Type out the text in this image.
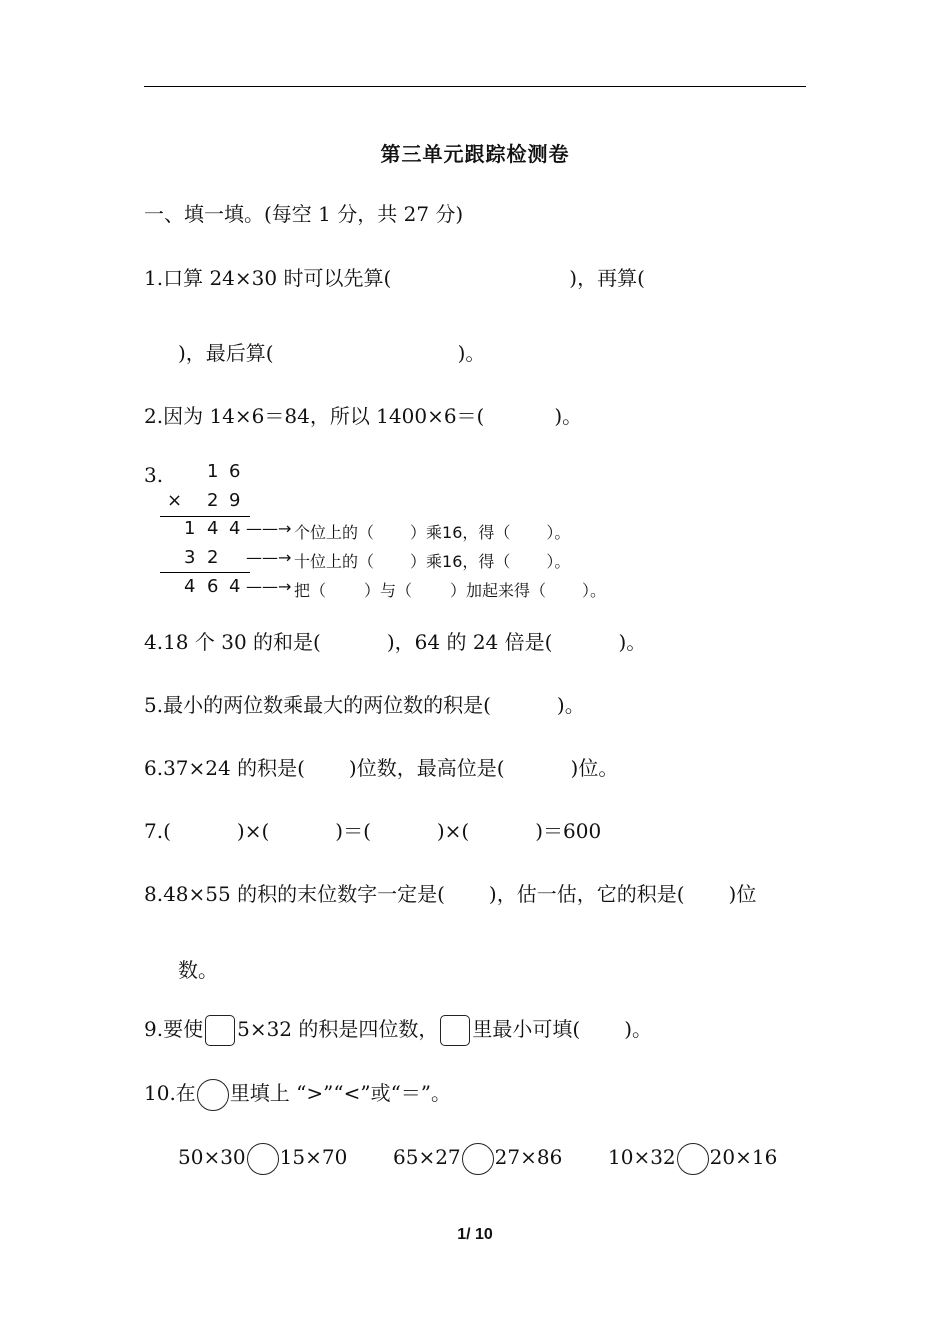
第三单元跟踪检测卷
一、填一填。(每空 1 分，共 27 分)
1.口算 24×30 时可以先算(	)，再算(
)，最后算(	)。
2.因为 14×6＝84，所以 1400×6＝(	)。
3. 1 6
× 2 9
1 4 4 ——→ 个位上的（ ）乘16，得（ ）。
3 2 ——→ 十位上的（ ）乘16，得（ ）。
4 6 4 ——→ 把（ ）与（ ）加起来得（ ）。
4.18 个 30 的和是(	)，64 的 24 倍是(	)。
5.最小的两位数乘最大的两位数的积是(	)。
6.37×24 的积是( )位数，最高位是(	)位。
7.(	)×(	)＝(	)×(	)＝600
8.48×55 的积的末位数字一定是( )，估一估，它的积是( )位
数。
9.要使 5×32 的积是四位数， 里最小可填( )。
10.在 里填上 “>”“<”或“＝”。
50×30 15×70 65×27 27×86 10×32 20×16
1/ 10
